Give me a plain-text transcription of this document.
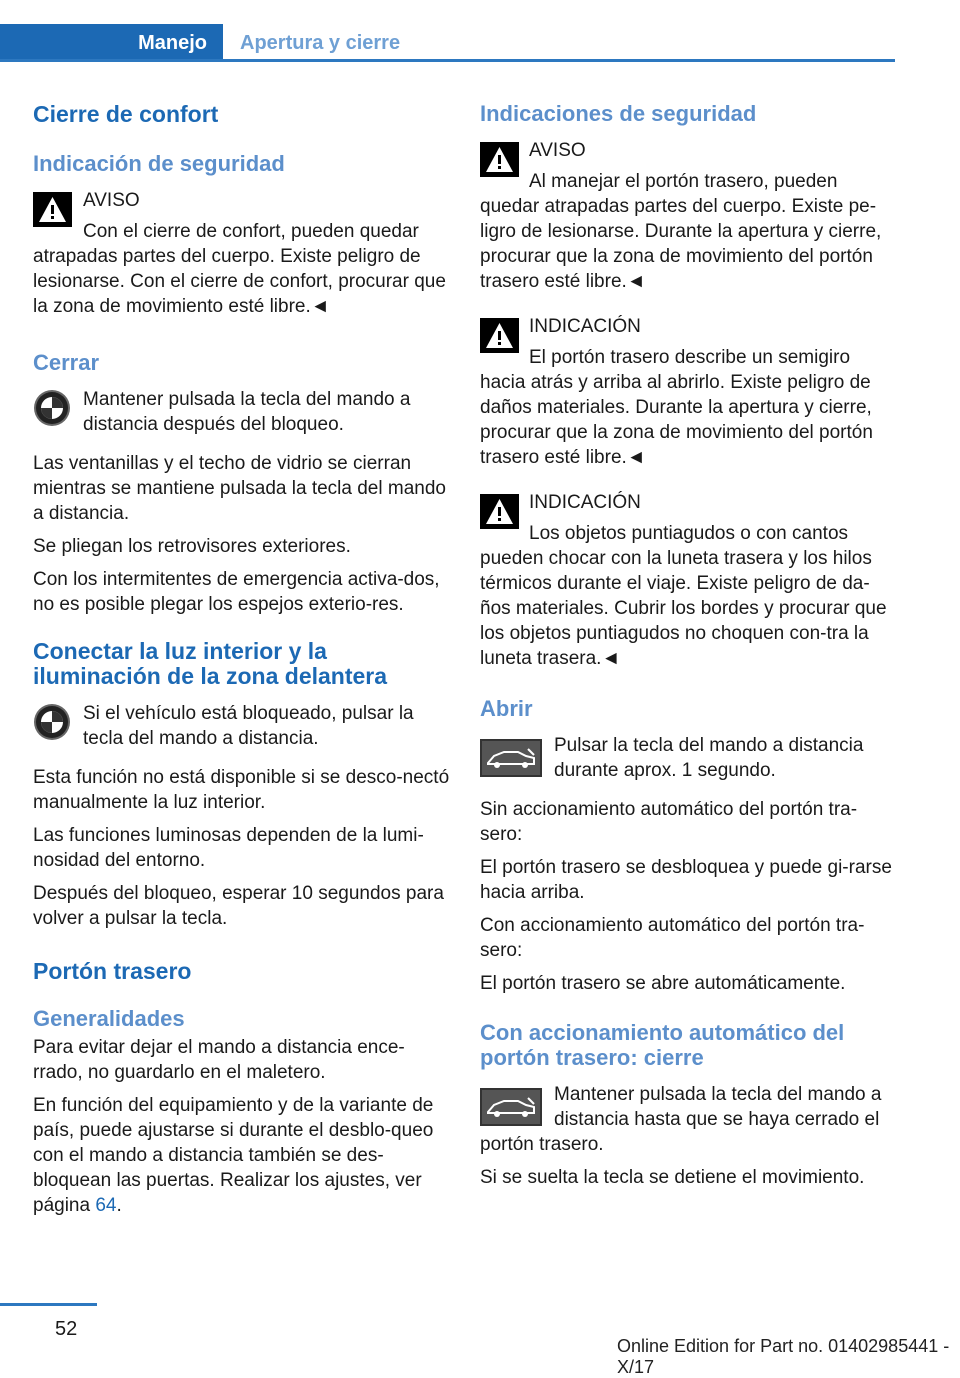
Manejo Apertura y cierre
Cierre de confort
Indicación de seguridad
AVISO

Con el cierre de confort, pueden quedar

atrapadas partes del cuerpo. Existe peligro de lesionarse. Con el cierre de confort, procurar que la zona de movimiento esté libre.◄

Cerrar

Mantener pulsada la tecla del mando a distancia después del bloqueo.

Las ventanillas y el techo de vidrio se cierran mientras se mantiene pulsada la tecla del mando a distancia.

Se pliegan los retrovisores exteriores.

Con los intermitentes de emergencia activa-dos, no es posible plegar los espejos exterio-res.

Conectar la luz interior y la iluminación de la zona delantera

Si el vehículo está bloqueado, pulsar la tecla del mando a distancia.

Esta función no está disponible si se desco-nectó manualmente la luz interior.

Las funciones luminosas dependen de la lumi-nosidad del entorno.

Después del bloqueo, esperar 10 segundos para volver a pulsar la tecla.

Portón trasero
Generalidades

Para evitar dejar el mando a distancia ence-rrado, no guardarlo en el maletero.

En función del equipamiento y de la variante de país, puede ajustarse si durante el desblo-queo con el mando a distancia también se des-bloquean las puertas. Realizar los ajustes, ver página 64.

Indicaciones de seguridad
AVISO

Al manejar el portón trasero, pueden

quedar atrapadas partes del cuerpo. Existe pe-ligro de lesionarse. Durante la apertura y cierre, procurar que la zona de movimiento del portón trasero esté libre.◄

INDICACIÓN

El portón trasero describe un semigiro

hacia atrás y arriba al abrirlo. Existe peligro de daños materiales. Durante la apertura y cierre, procurar que la zona de movimiento del portón trasero esté libre.◄

INDICACIÓN

Los objetos puntiagudos o con cantos

pueden chocar con la luneta trasera y los hilos térmicos durante el viaje. Existe peligro de da-ños materiales. Cubrir los bordes y procurar que los objetos puntiagudos no choquen con-tra la luneta trasera.◄

Abrir

Pulsar la tecla del mando a distancia durante aprox. 1 segundo.

Sin accionamiento automático del portón tra-sero:

El portón trasero se desbloquea y puede gi-rarse hacia arriba.

Con accionamiento automático del portón tra-sero:

El portón trasero se abre automáticamente.

Con accionamiento automático del portón trasero: cierre

Mantener pulsada la tecla del mando a distancia hasta que se haya cerrado el

portón trasero.

Si se suelta la tecla se detiene el movimiento.

52
Online Edition for Part no. 01402985441 - X/17
